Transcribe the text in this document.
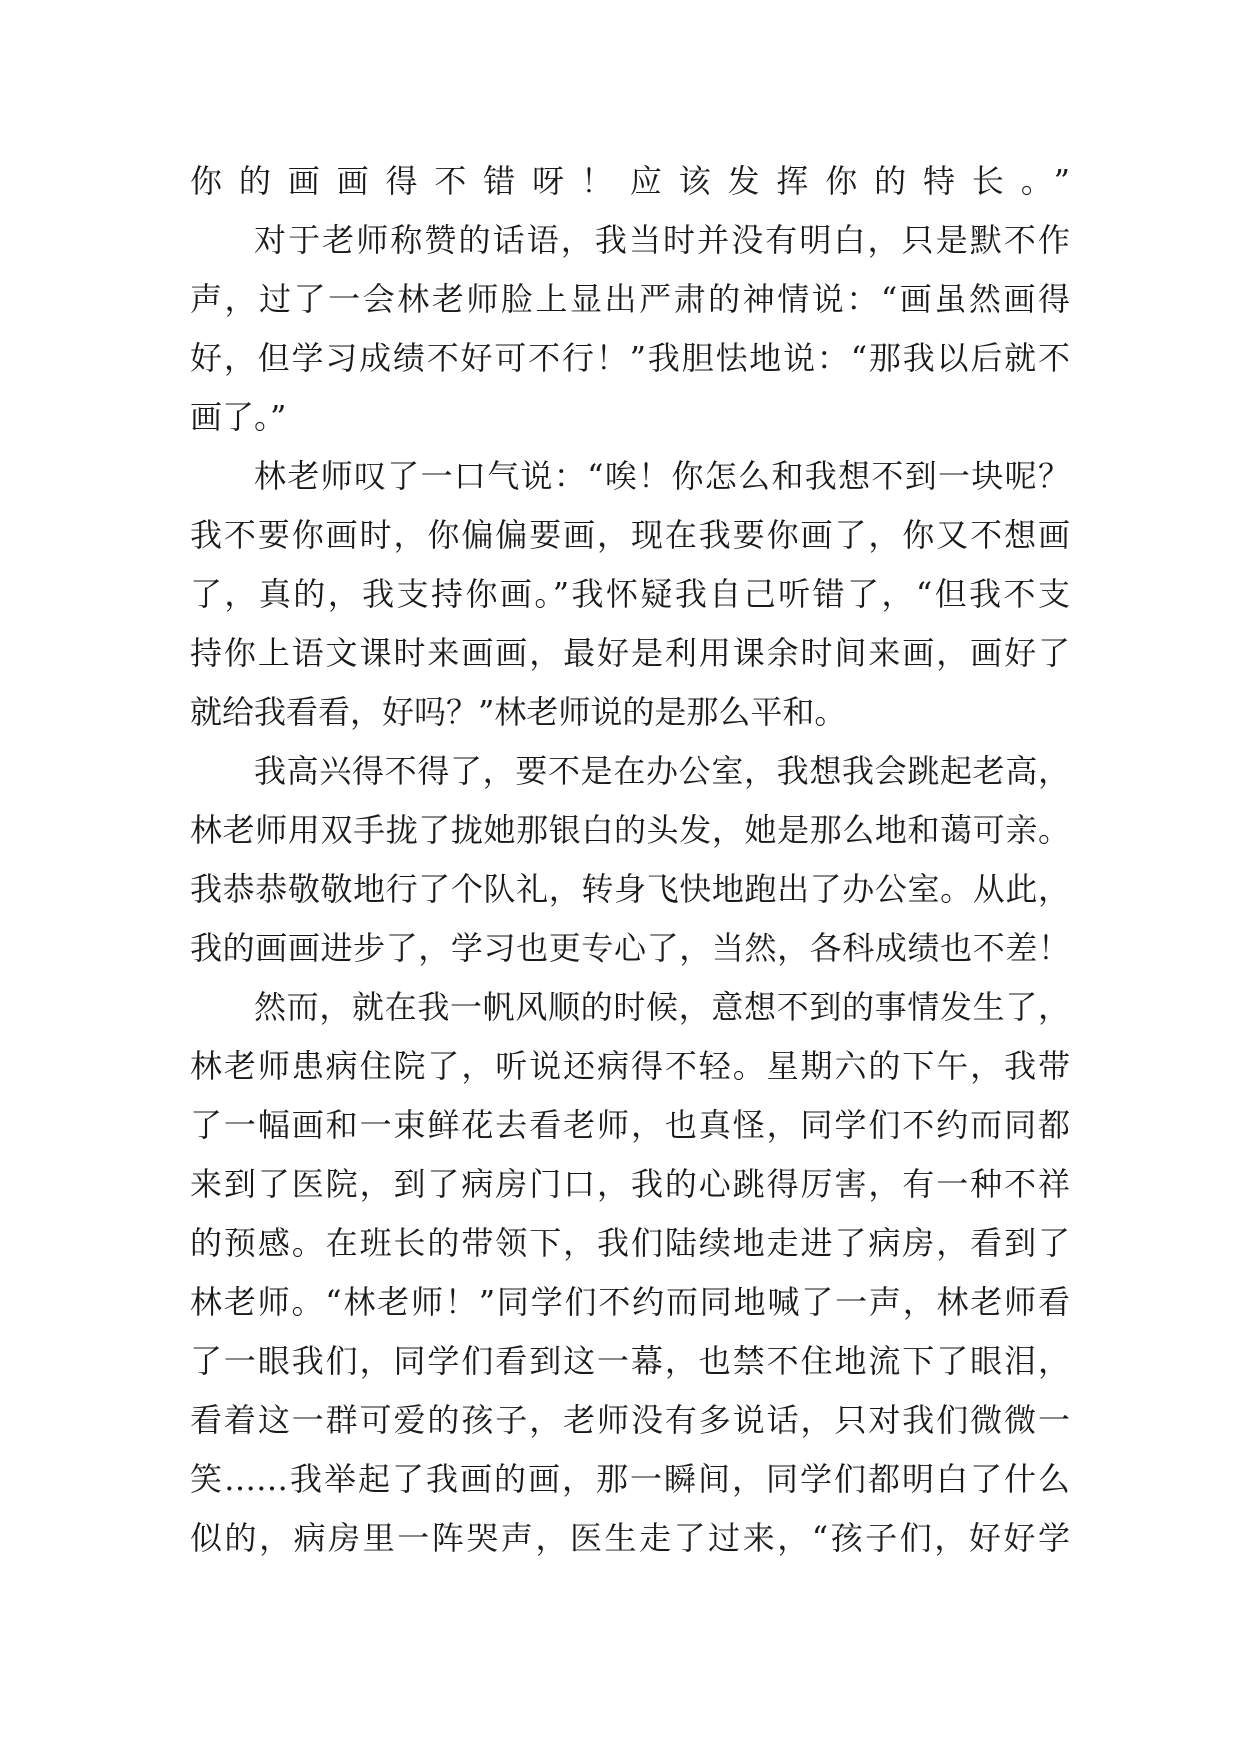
你的画画得不错呀！应该发挥你的特长。”
对于老师称赞的话语，我当时并没有明白，只是默不作
声，过了一会林老师脸上显出严肃的神情说：“画虽然画得
好，但学习成绩不好可不行！”我胆怯地说：“那我以后就不
画了。”
林老师叹了一口气说：“唉！你怎么和我想不到一块呢？
我不要你画时，你偏偏要画，现在我要你画了，你又不想画
了，真的，我支持你画。”我怀疑我自己听错了，“但我不支
持你上语文课时来画画，最好是利用课余时间来画，画好了
就给我看看，好吗？”林老师说的是那么平和。
我高兴得不得了，要不是在办公室，我想我会跳起老高，
林老师用双手拢了拢她那银白的头发，她是那么地和蔼可亲。
我恭恭敬敬地行了个队礼，转身飞快地跑出了办公室。从此，
我的画画进步了，学习也更专心了，当然，各科成绩也不差！
然而，就在我一帆风顺的时候，意想不到的事情发生了，
林老师患病住院了，听说还病得不轻。星期六的下午，我带
了一幅画和一束鲜花去看老师，也真怪，同学们不约而同都
来到了医院，到了病房门口，我的心跳得厉害，有一种不祥
的预感。在班长的带领下，我们陆续地走进了病房，看到了
林老师。“林老师！”同学们不约而同地喊了一声，林老师看
了一眼我们，同学们看到这一幕，也禁不住地流下了眼泪，
看着这一群可爱的孩子，老师没有多说话，只对我们微微一
笑……我举起了我画的画，那一瞬间，同学们都明白了什么
似的，病房里一阵哭声，医生走了过来，“孩子们，好好学
